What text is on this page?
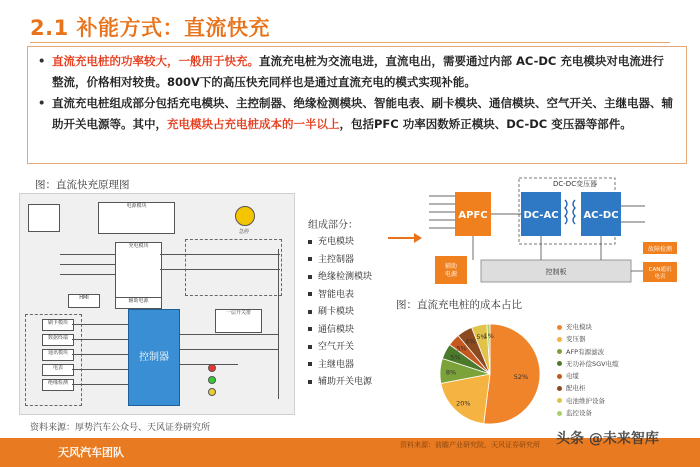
2.1 补能方式：直流快充

• 直流充电桩的功率较大，一般用于快充。直流充电桩为交流电进，直流电出，需要通过内部 AC-DC 充电模块对电流进行整流，价格相对较贵。800V下的高压快充同样也是通过直流充电的模式实现补能。

• 直流充电桩组成部分包括充电模块、主控制器、绝缘检测模块、智能电表、刷卡模块、通信模块、空气开关、主继电器、辅助开关电源等。其中，充电模块占充电桩成本的一半以上，包括PFC 功率因数矫正模块、DC-DC 变压器等部件。

图：直流快充原理图
电源模块
充电模块
辅助电源
HMI
刷卡模块
数据终端
通讯模块
电表
绝缘检测
一层开关排
急停
控制器
资料来源：厚势汽车公众号、天风证券研究所
组成部分：
充电模块
主控制器
绝缘检测模块
智能电表
刷卡模块
通信模块
空气开关
主继电器
辅助开关电源
DC-DC变压器
APFC	DC-AC AC-DC
辅助电源	控制板
故障检测
CAN通讯电表
图：直流充电桩的成本占比
52%
20%
8%
5%
5%
4%
5%
1%
充电模块
变压器
AFP有源滤波
无功补偿SGV电缆
电缆
配电柜
电池维护设备
监控设备
天风汽车团队
资料来源：前瞻产业研究院、天风证券研究所 头条 @未来智库
